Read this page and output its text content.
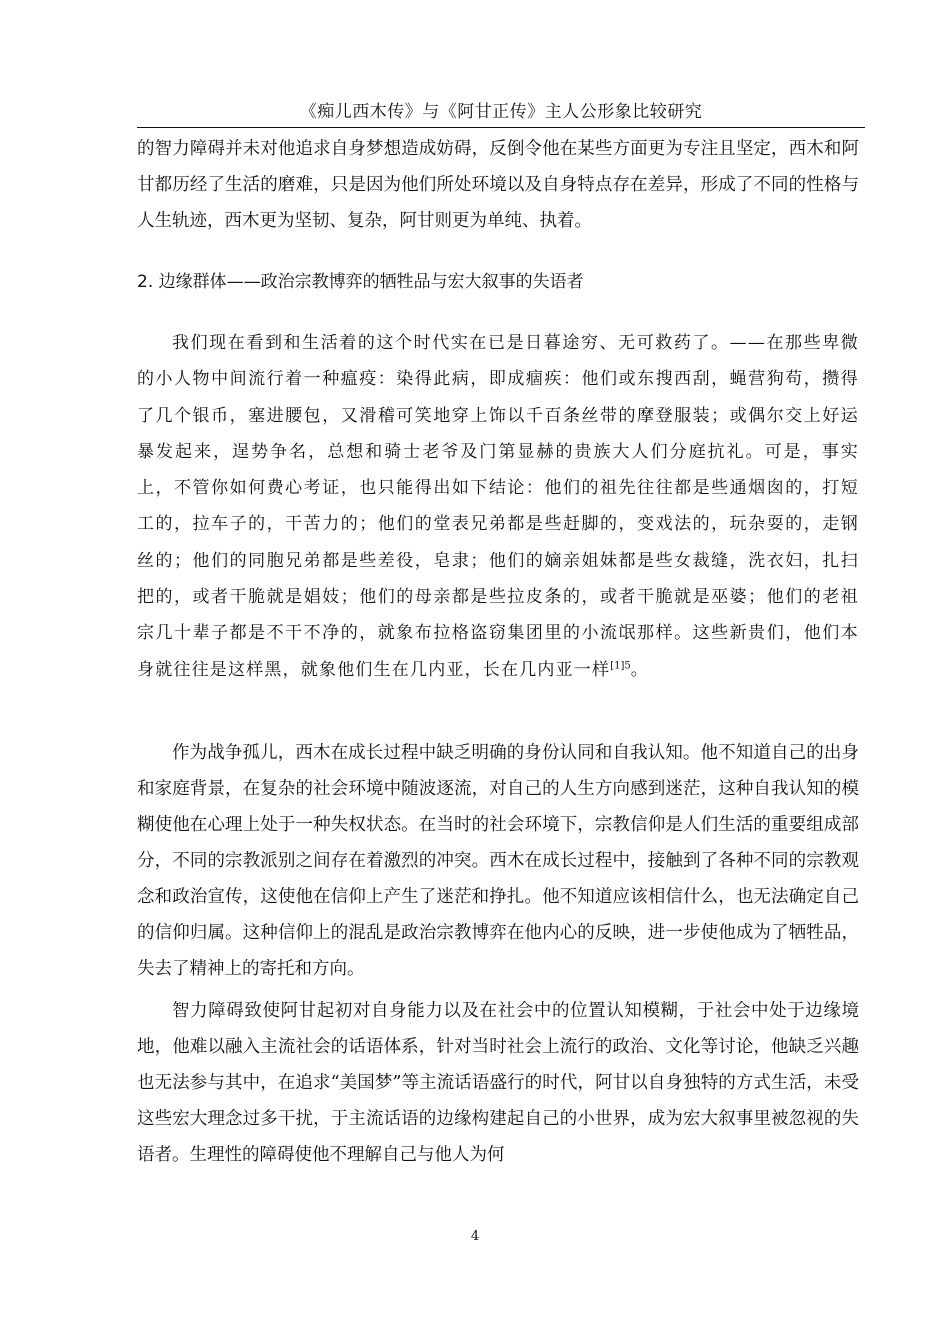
《痴儿西木传》与《阿甘正传》主人公形象比较研究

的智力障碍并未对他追求自身梦想造成妨碍，反倒令他在某些方面更为专注且坚定，西木和阿甘都历经了生活的磨难，只是因为他们所处环境以及自身特点存在差异，形成了不同的性格与人生轨迹，西木更为坚韧、复杂，阿甘则更为单纯、执着。

2. 边缘群体——政治宗教博弈的牺牲品与宏大叙事的失语者

我们现在看到和生活着的这个时代实在已是日暮途穷、无可救药了。——在那些卑微的小人物中间流行着一种瘟疫：染得此病，即成痼疾：他们或东搜西刮，蝇营狗苟，攒得了几个银币，塞进腰包，又滑稽可笑地穿上饰以千百条丝带的摩登服装；或偶尔交上好运暴发起来，逞势争名，总想和骑士老爷及门第显赫的贵族大人们分庭抗礼。可是，事实上，不管你如何费心考证，也只能得出如下结论：他们的祖先往往都是些通烟囱的，打短工的，拉车子的，干苦力的；他们的堂表兄弟都是些赶脚的，变戏法的，玩杂耍的，走钢丝的；他们的同胞兄弟都是些差役，皂隶；他们的嫡亲姐妹都是些女裁缝，洗衣妇，扎扫把的，或者干脆就是娼妓；他们的母亲都是些拉皮条的，或者干脆就是巫婆；他们的老祖宗几十辈子都是不干不净的，就象布拉格盗窃集团里的小流氓那样。这些新贵们，他们本身就往往是这样黑，就象他们生在几内亚，长在几内亚一样$^{[1]5}$。

作为战争孤儿，西木在成长过程中缺乏明确的身份认同和自我认知。他不知道自己的出身和家庭背景，在复杂的社会环境中随波逐流，对自己的人生方向感到迷茫，这种自我认知的模糊使他在心理上处于一种失权状态。在当时的社会环境下，宗教信仰是人们生活的重要组成部分，不同的宗教派别之间存在着激烈的冲突。西木在成长过程中，接触到了各种不同的宗教观念和政治宣传，这使他在信仰上产生了迷茫和挣扎。他不知道应该相信什么，也无法确定自己的信仰归属。这种信仰上的混乱是政治宗教博弈在他内心的反映，进一步使他成为了牺牲品，失去了精神上的寄托和方向。

智力障碍致使阿甘起初对自身能力以及在社会中的位置认知模糊，于社会中处于边缘境地，他难以融入主流社会的话语体系，针对当时社会上流行的政治、文化等讨论，他缺乏兴趣也无法参与其中，在追求“美国梦”等主流话语盛行的时代，阿甘以自身独特的方式生活，未受这些宏大理念过多干扰，于主流话语的边缘构建起自己的小世界，成为宏大叙事里被忽视的失语者。生理性的障碍使他不理解自己与他人为何

4
